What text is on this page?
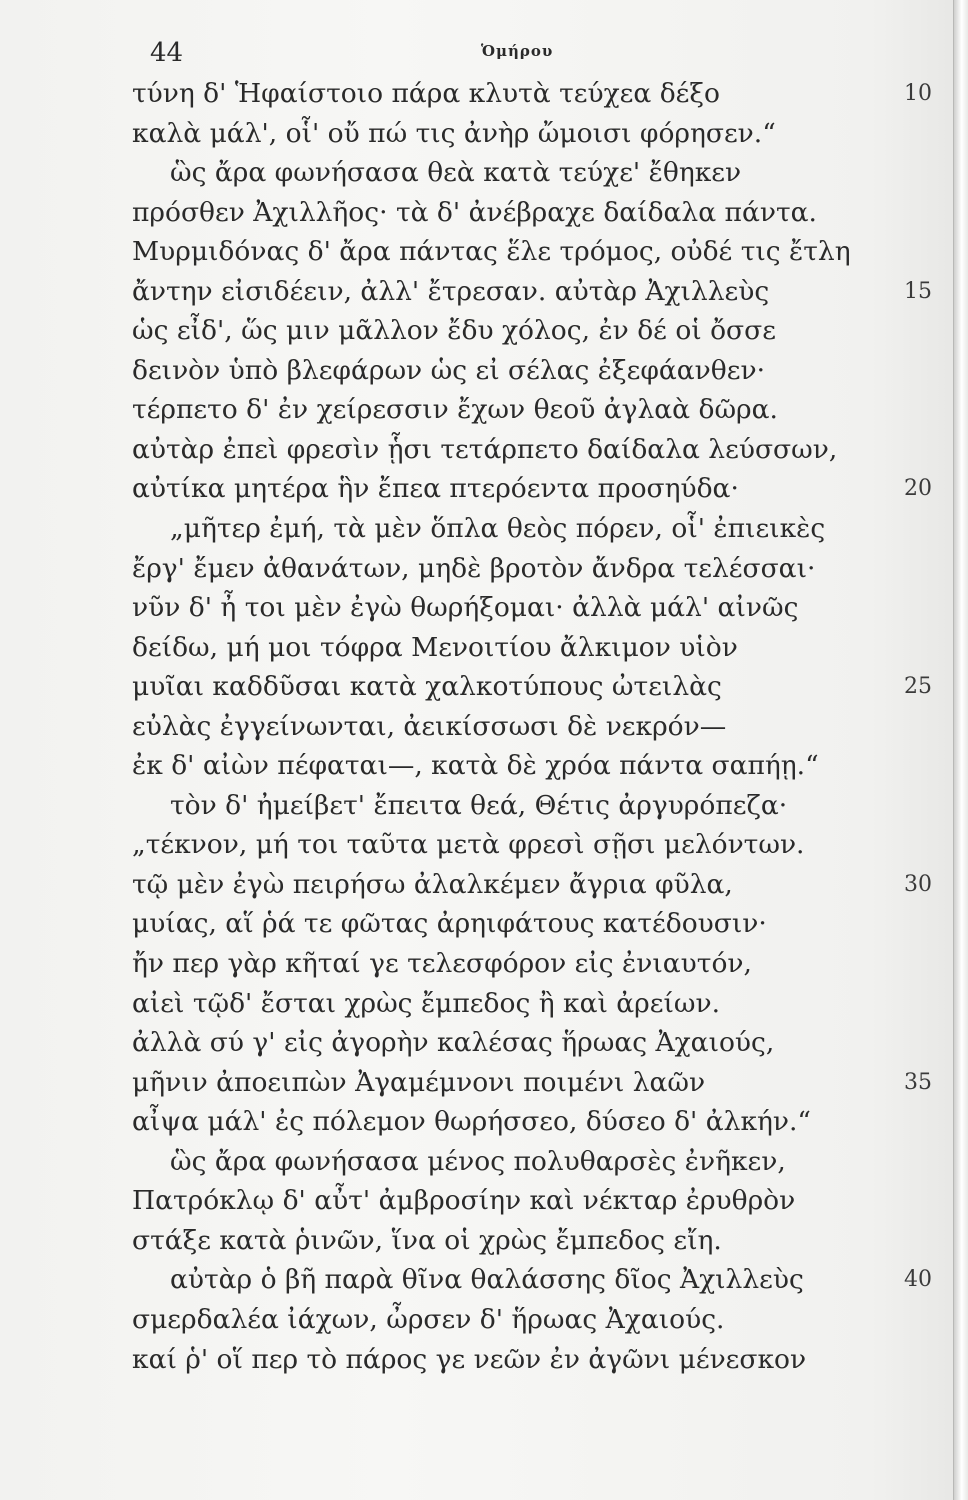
44	Ὁμήρου
τύνη δ' Ἡφαίστοιο πάρα κλυτὰ τεύχεα δέξο	10
καλὰ μάλ', οἷ' οὔ πώ τις ἀνὴρ ὤμοισι φόρησεν.“
ὣς ἄρα φωνήσασα θεὰ κατὰ τεύχε' ἔθηκεν
πρόσθεν Ἀχιλλῆος· τὰ δ' ἀνέβραχε δαίδαλα πάντα.
Μυρμιδόνας δ' ἄρα πάντας ἕλε τρόμος, οὐδέ τις ἔτλη
ἄντην εἰσιδέειν, ἀλλ' ἔτρεσαν. αὐτὰρ Ἀχιλλεὺς	15
ὡς εἶδ', ὥς μιν μᾶλλον ἔδυ χόλος, ἐν δέ οἱ ὄσσε
δεινὸν ὑπὸ βλεφάρων ὡς εἰ σέλας ἐξεφάανθεν·
τέρπετο δ' ἐν χείρεσσιν ἔχων θεοῦ ἀγλαὰ δῶρα.
αὐτὰρ ἐπεὶ φρεσὶν ᾗσι τετάρπετο δαίδαλα λεύσσων,
αὐτίκα μητέρα ἣν ἔπεα πτερόεντα προσηύδα·	20
„μῆτερ ἐμή, τὰ μὲν ὅπλα θεὸς πόρεν, οἷ' ἐπιεικὲς
ἔργ' ἔμεν ἀθανάτων, μηδὲ βροτὸν ἄνδρα τελέσσαι·
νῦν δ' ἦ τοι μὲν ἐγὼ θωρήξομαι· ἀλλὰ μάλ' αἰνῶς
δείδω, μή μοι τόφρα Μενοιτίου ἄλκιμον υἱὸν
μυῖαι καδδῦσαι κατὰ χαλκοτύπους ὠτειλὰς	25
εὐλὰς ἐγγείνωνται, ἀεικίσσωσι δὲ νεκρόν—
ἐκ δ' αἰὼν πέφαται—, κατὰ δὲ χρόα πάντα σαπήῃ.“
τὸν δ' ἠμείβετ' ἔπειτα θεά, Θέτις ἀργυρόπεζα·
„τέκνον, μή τοι ταῦτα μετὰ φρεσὶ σῇσι μελόντων.
τῷ μὲν ἐγὼ πειρήσω ἀλαλκέμεν ἄγρια φῦλα,	30
μυίας, αἵ ῥά τε φῶτας ἀρηιφάτους κατέδουσιν·
ἤν περ γὰρ κῆταί γε τελεσφόρον εἰς ἐνιαυτόν,
αἰεὶ τῷδ' ἔσται χρὼς ἔμπεδος ἢ καὶ ἀρείων.
ἀλλὰ σύ γ' εἰς ἀγορὴν καλέσας ἥρωας Ἀχαιούς,
μῆνιν ἀποειπὼν Ἀγαμέμνονι ποιμένι λαῶν	35
αἶψα μάλ' ἐς πόλεμον θωρήσσεο, δύσεο δ' ἀλκήν.“
ὣς ἄρα φωνήσασα μένος πολυθαρσὲς ἐνῆκεν,
Πατρόκλῳ δ' αὖτ' ἀμβροσίην καὶ νέκταρ ἐρυθρὸν
στάξε κατὰ ῥινῶν, ἵνα οἱ χρὼς ἔμπεδος εἴη.
αὐτὰρ ὁ βῆ παρὰ θῖνα θαλάσσης δῖος Ἀχιλλεὺς	40
σμερδαλέα ἰάχων, ὦρσεν δ' ἥρωας Ἀχαιούς.
καί ῥ' οἵ περ τὸ πάρος γε νεῶν ἐν ἀγῶνι μένεσκον
